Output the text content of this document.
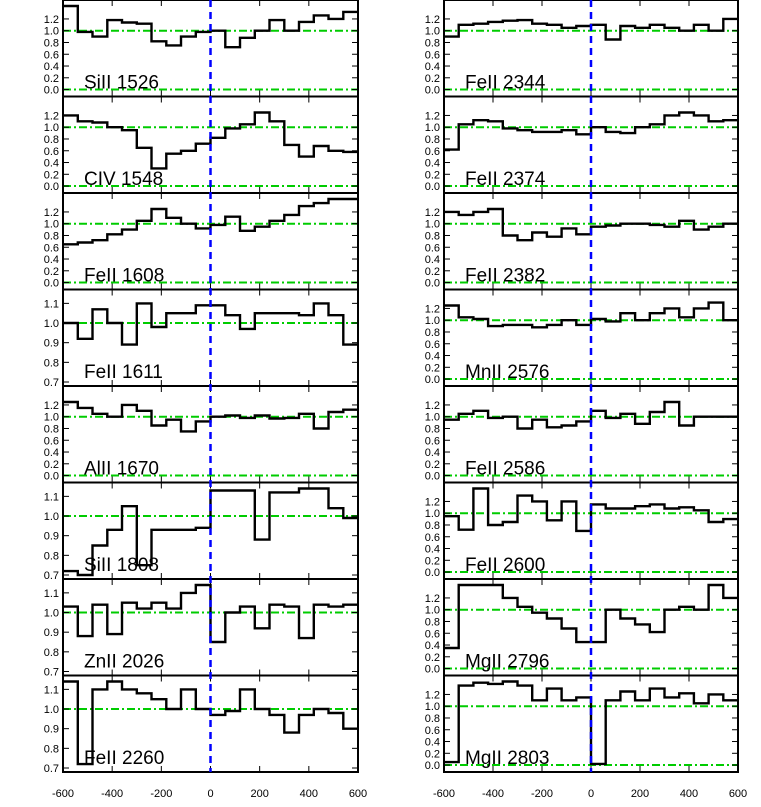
0.0
0.2
0.4
0.6
0.8
1.0
1.2
SiII 1526
0.0
0.2
0.4
0.6
0.8
1.0
1.2
CIV 1548
0.0
0.2
0.4
0.6
0.8
1.0
1.2
FeII 1608
0.7
0.8
0.9
1.0
1.1
FeII 1611
0.0
0.2
0.4
0.6
0.8
1.0
1.2
AlII 1670
0.7
0.8
0.9
1.0
1.1
SiII 1808
0.7
0.8
0.9
1.0
1.1
ZnII 2026
0.7
0.8
0.9
1.0
1.1
FeII 2260
-600 -400 -200	0	200	400	600
0.0
0.2
0.4
0.6
0.8
1.0
1.2
FeII 2344
0.0
0.2
0.4
0.6
0.8
1.0
1.2
FeII 2374
0.0
0.2
0.4
0.6
0.8
1.0
1.2
FeII 2382
0.0
0.2
0.4
0.6
0.8
1.0
1.2
MnII 2576
0.0
0.2
0.4
0.6
0.8
1.0
1.2
FeII 2586
0.0
0.2
0.4
0.6
0.8
1.0
1.2
FeII 2600
0.0
0.2
0.4
0.6
0.8
1.0
1.2
MgII 2796
0.0
0.2
0.4
0.6
0.8
1.0
1.2
MgII 2803
-600 -400 -200	0	200	400	600
